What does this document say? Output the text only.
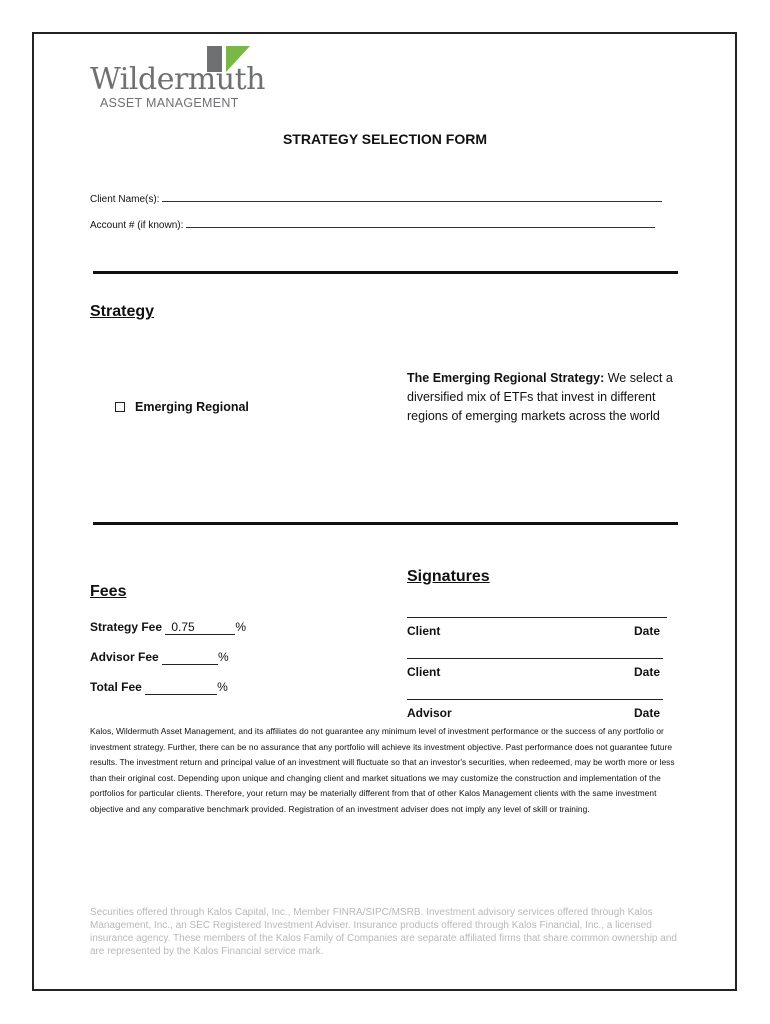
Wildermuth
ASSET MANAGEMENT
STRATEGY SELECTION FORM
Client Name(s):
Account # (if known):
Strategy
Emerging Regional
The Emerging Regional Strategy: We select a diversified mix of ETFs that invest in different regions of emerging markets across the world
Fees
Signatures
Strategy Fee 0.75	%
Advisor Fee	%
Total Fee	%
Client	Date
Client	Date
Advisor	Date
Kalos, Wildermuth Asset Management, and its affiliates do not guarantee any minimum level of investment performance or the success of any portfolio or investment strategy. Further, there can be no assurance that any portfolio will achieve its investment objective. Past performance does not guarantee future results. The investment return and principal value of an investment will fluctuate so that an investor's securities, when redeemed, may be worth more or less than their original cost. Depending upon unique and changing client and market situations we may customize the construction and implementation of the portfolios for particular clients. Therefore, your return may be materially different from that of other Kalos Management clients with the same investment objective and any comparative benchmark provided. Registration of an investment adviser does not imply any level of skill or training.
Securities offered through Kalos Capital, Inc., Member FINRA/SIPC/MSRB. Investment advisory services offered through Kalos Management, Inc., an SEC Registered Investment Adviser. Insurance products offered through Kalos Financial, Inc., a licensed insurance agency. These members of the Kalos Family of Companies are separate affiliated firms that share common ownership and are represented by the Kalos Financial service mark.
